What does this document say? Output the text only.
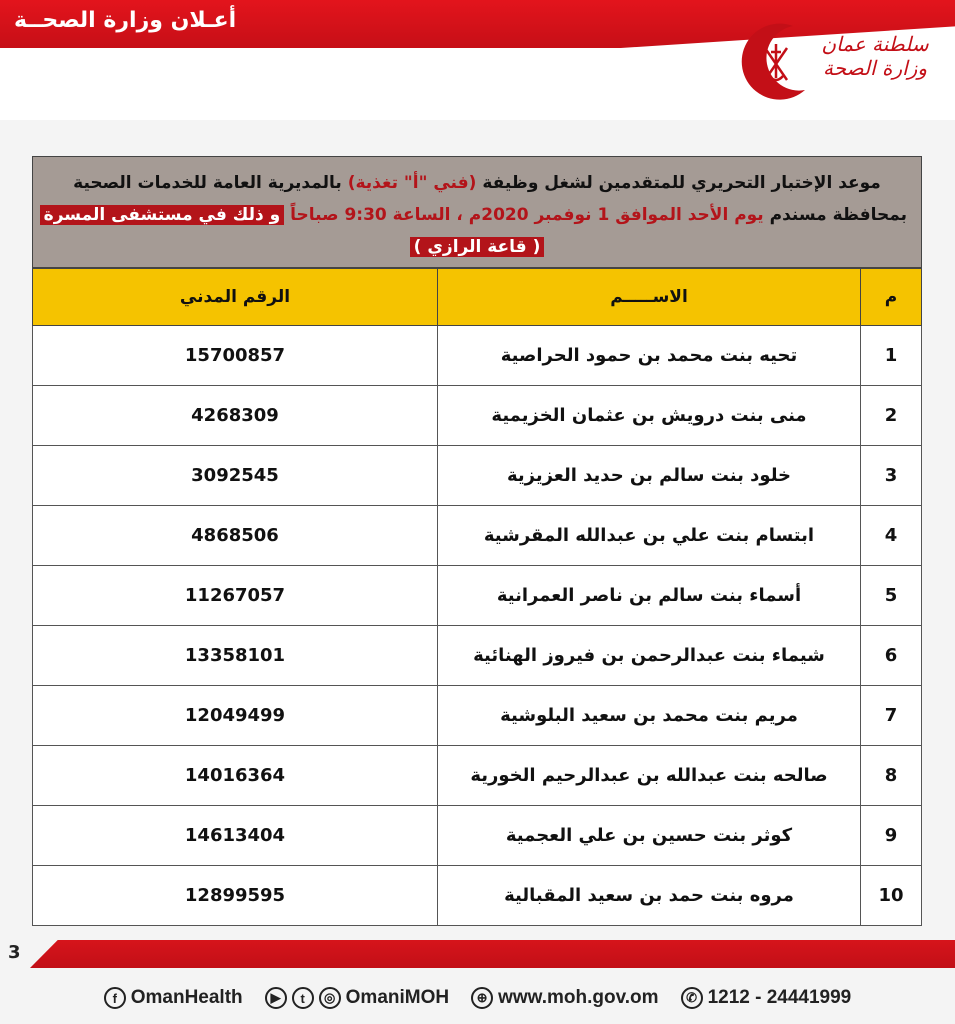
أعـلان وزارة الصحــة
سلطنة عمان
وزارة الصحة
موعد الإختبار التحريري للمتقدمين لشغل وظيفة (فني "أ" تغذية) بالمديرية العامة للخدمات الصحية
بمحافظة مسندم يوم الأحد الموافق 1 نوفمبر 2020م ، الساعة 9:30 صباحاً و ذلك في مستشفى المسرة
( قاعة الرازي )
م	الاســـــم	الرقم المدني
1	تحيه بنت محمد بن حمود الحراصية	15700857
2	منى بنت درويش بن عثمان الخزيمية	4268309
3	خلود بنت سالم بن حديد العزيزية	3092545
4	ابتسام بنت علي بن عبدالله المقرشية	4868506
5	أسماء بنت سالم بن ناصر العمرانية	11267057
6	شيماء بنت عبدالرحمن بن فيروز الهنائية	13358101
7	مريم بنت محمد بن سعيد البلوشية	12049499
8	صالحه بنت عبدالله بن عبدالرحيم الخورية	14016364
9	كوثر بنت حسين بن علي العجمية	14613404
10	مروه بنت حمد بن سعيد المقبالية	12899595
3
f OmanHealth	▶	t	◎ OmaniMOH	⊕ www.moh.gov.om	✆ 1212 - 24441999
